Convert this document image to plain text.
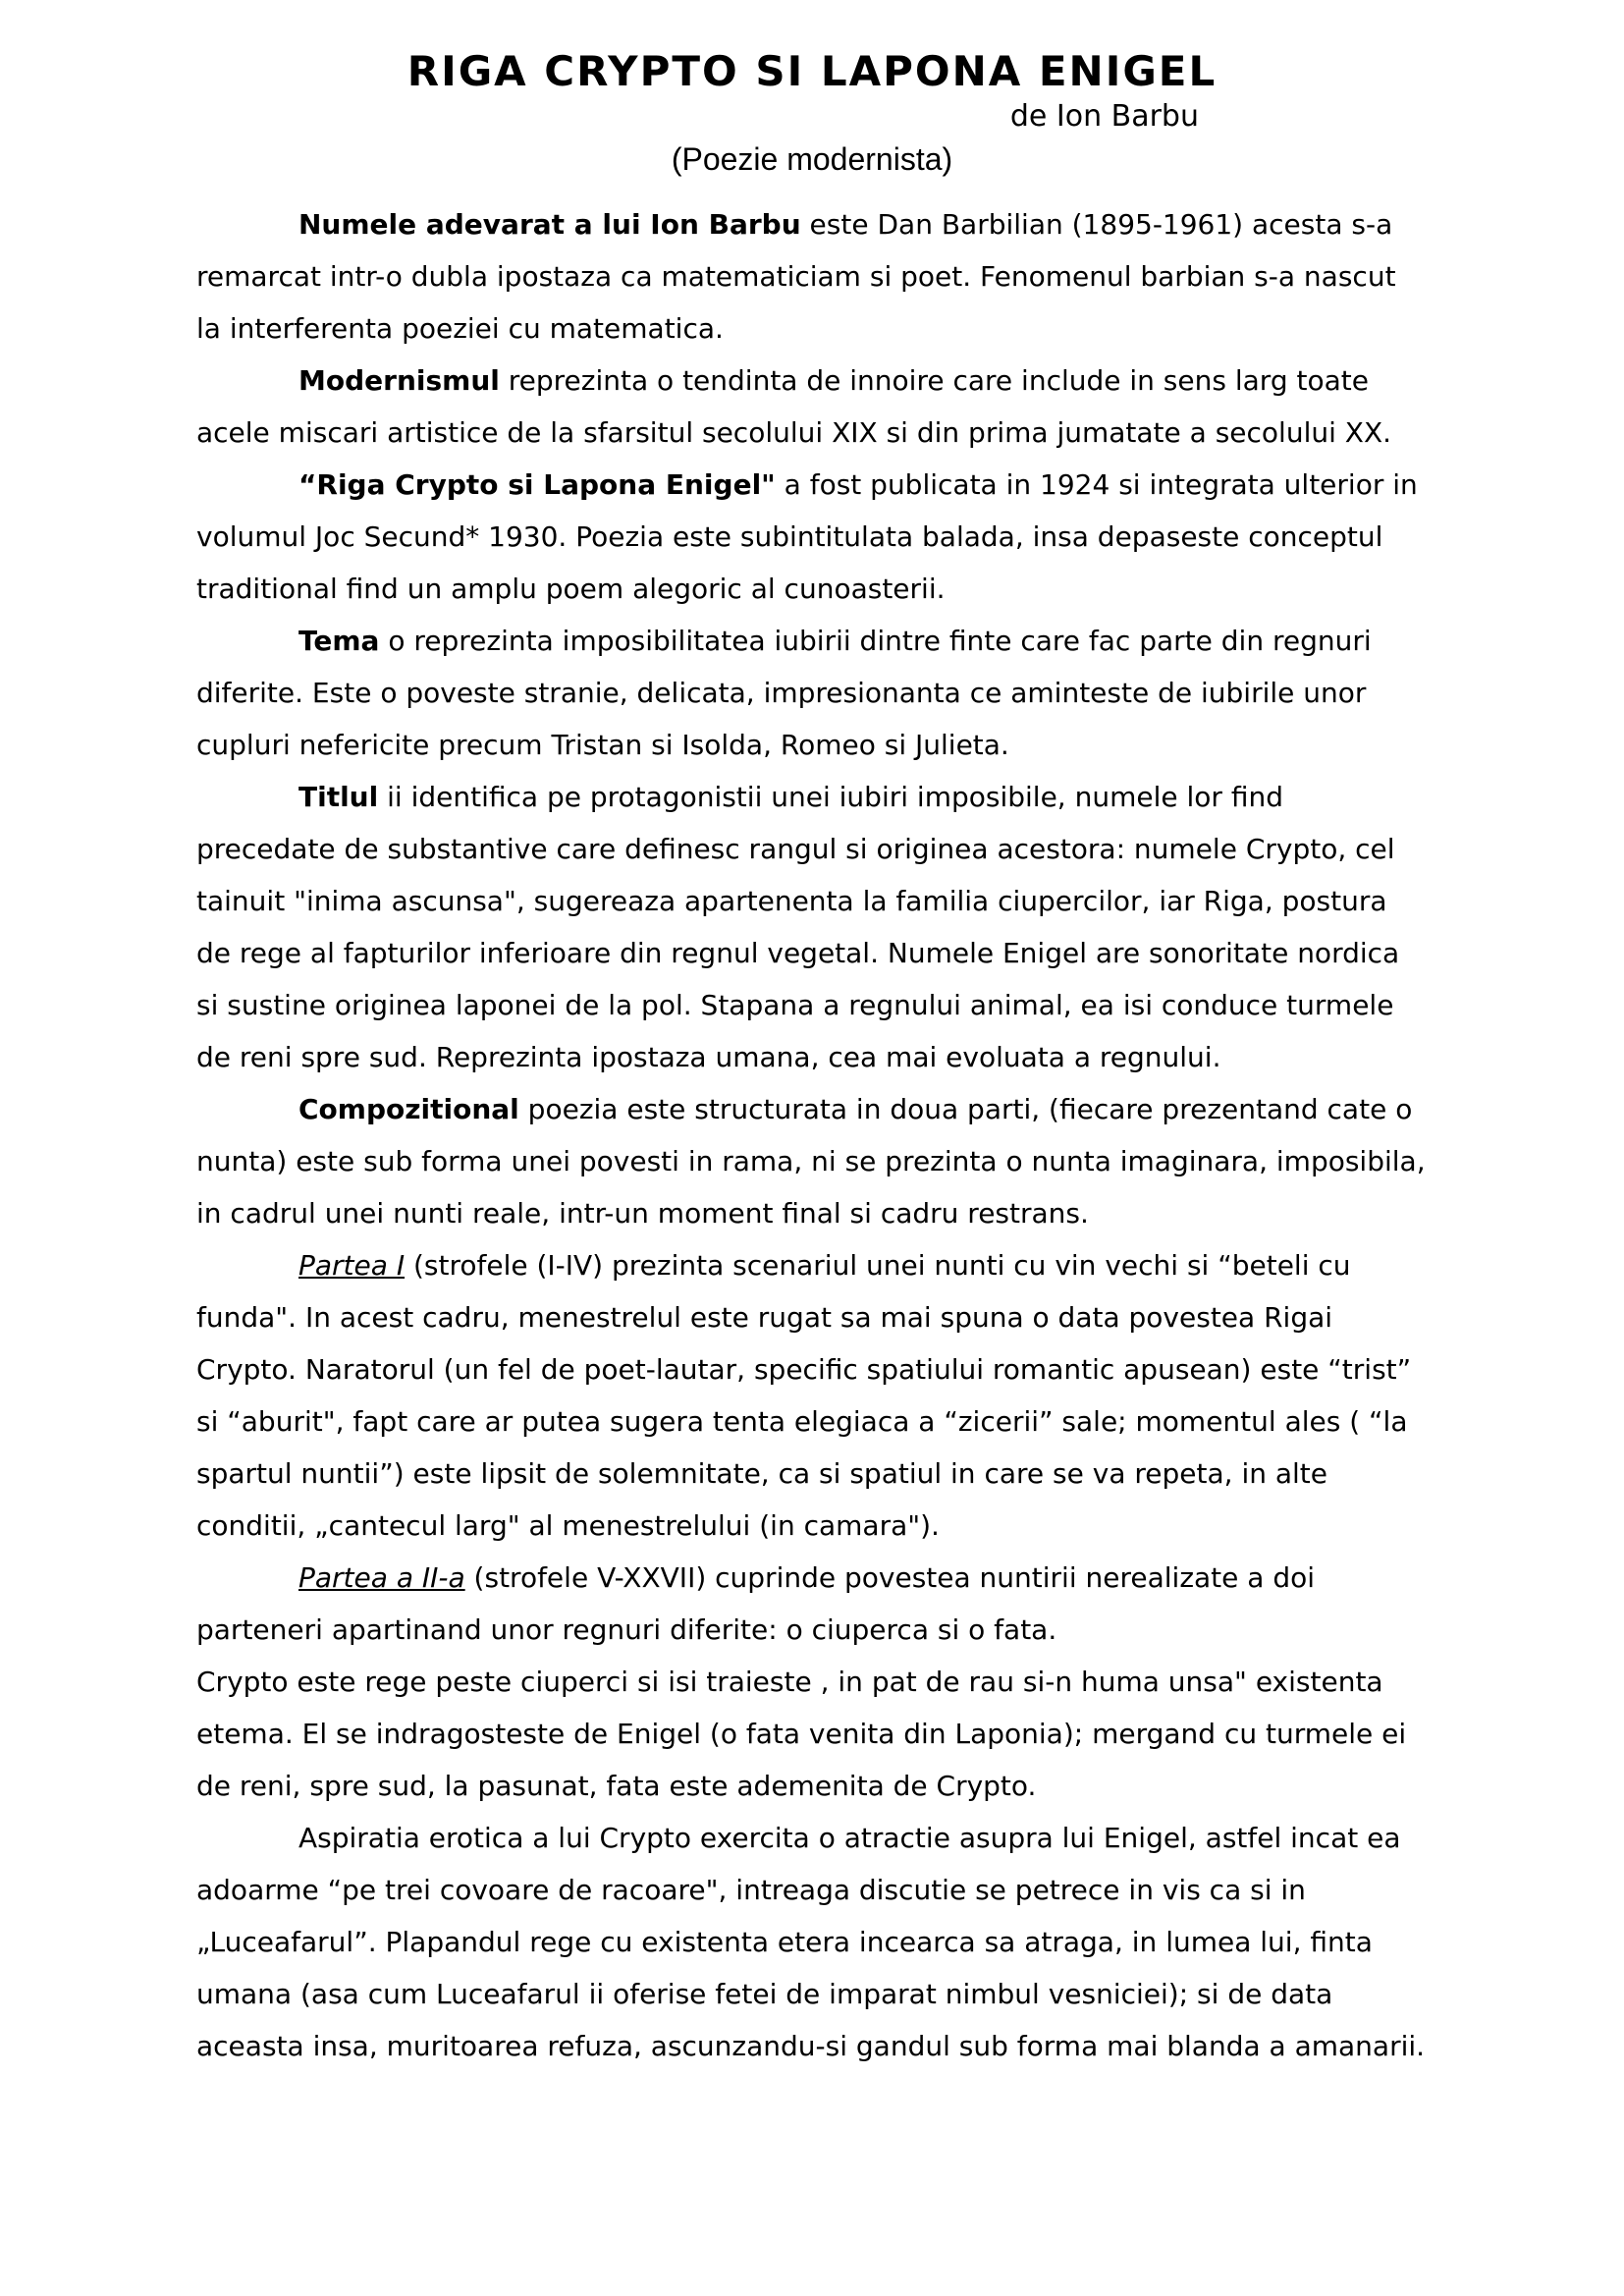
RIGA CRYPTO SI LAPONA ENIGEL
de Ion Barbu
(Poezie modernista)

Numele adevarat a lui Ion Barbu este Dan Barbilian (1895-1961) acesta s-a remarcat intr-o dubla ipostaza ca matematiciam si poet. Fenomenul barbian s-a nascut la interferenta poeziei cu matematica.

Modernismul reprezinta o tendinta de innoire care include in sens larg toate acele miscari artistice de la sfarsitul secolului XIX si din prima jumatate a secolului XX.

“Riga Crypto si Lapona Enigel" a fost publicata in 1924 si integrata ulterior in volumul Joc Secund* 1930. Poezia este subintitulata balada, insa depaseste conceptul traditional find un amplu poem alegoric al cunoasterii.

Tema o reprezinta imposibilitatea iubirii dintre finte care fac parte din regnuri diferite. Este o poveste stranie, delicata, impresionanta ce aminteste de iubirile unor cupluri nefericite precum Tristan si Isolda, Romeo si Julieta.

Titlul ii identifica pe protagonistii unei iubiri imposibile, numele lor find precedate de substantive care definesc rangul si originea acestora: numele Crypto, cel tainuit "inima ascunsa", sugereaza apartenenta la familia ciupercilor, iar Riga, postura de rege al fapturilor inferioare din regnul vegetal. Numele Enigel are sonoritate nordica si sustine originea laponei de la pol. Stapana a regnului animal, ea isi conduce turmele de reni spre sud. Reprezinta ipostaza umana, cea mai evoluata a regnului.

Compozitional poezia este structurata in doua parti, (fiecare prezentand cate o nunta) este sub forma unei povesti in rama, ni se prezinta o nunta imaginara, imposibila, in cadrul unei nunti reale, intr-un moment final si cadru restrans.

Partea I (strofele (I-IV) prezinta scenariul unei nunti cu vin vechi si “beteli cu funda". In acest cadru, menestrelul este rugat sa mai spuna o data povestea Rigai Crypto. Naratorul (un fel de poet-lautar, specific spatiului romantic apusean) este “trist” si “aburit", fapt care ar putea sugera tenta elegiaca a “zicerii” sale; momentul ales ( “la spartul nuntii”) este lipsit de solemnitate, ca si spatiul in care se va repeta, in alte conditii, „cantecul larg" al menestrelului (in camara").

Partea a II-a (strofele V-XXVII) cuprinde povestea nuntirii nerealizate a doi parteneri apartinand unor regnuri diferite: o ciuperca si o fata.

Crypto este rege peste ciuperci si isi traieste , in pat de rau si-n huma unsa" existenta etema. El se indragosteste de Enigel (o fata venita din Laponia); mergand cu turmele ei de reni, spre sud, la pasunat, fata este ademenita de Crypto.

Aspiratia erotica a lui Crypto exercita o atractie asupra lui Enigel, astfel incat ea adoarme “pe trei covoare de racoare", intreaga discutie se petrece in vis ca si in „Luceafarul”. Plapandul rege cu existenta etera incearca sa atraga, in lumea lui, finta umana (asa cum Luceafarul ii oferise fetei de imparat nimbul vesniciei); si de data aceasta insa, muritoarea refuza, ascunzandu-si gandul sub forma mai blanda a amanarii.
